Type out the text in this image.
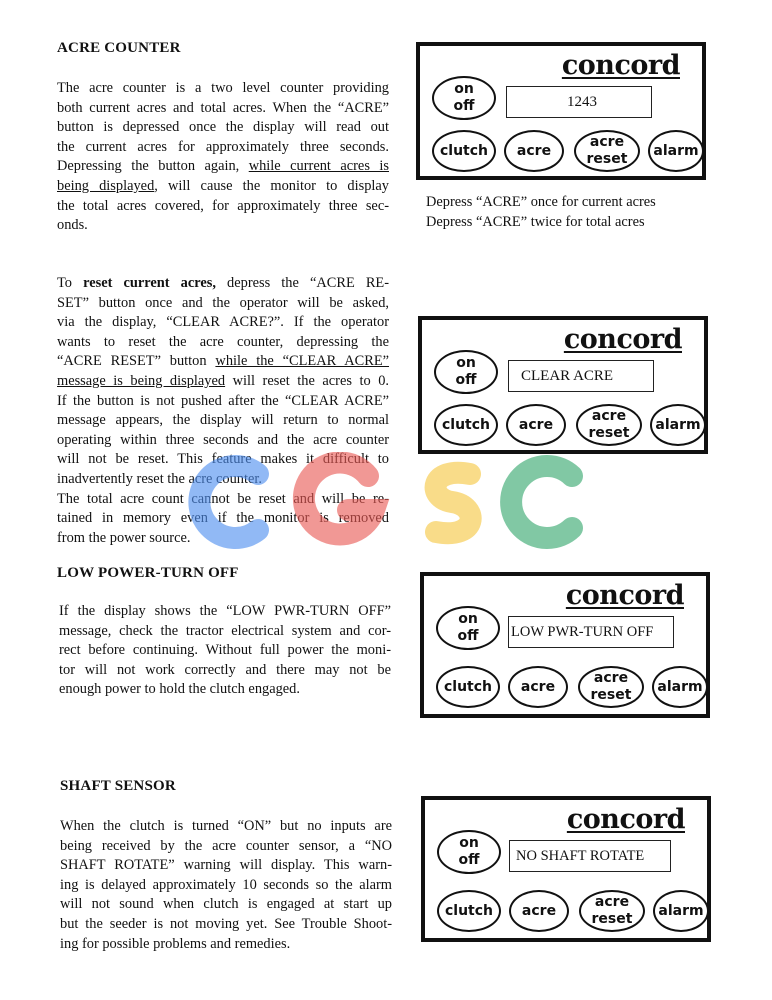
ACRE COUNTER
The acre counter is a two level counter providing
both current acres and total acres. When the “ACRE”
button is depressed once the display will read out
the current acres for approximately three seconds.
Depressing the button again, while current acres is
being displayed, will cause the monitor to display
the total acres covered, for approximately three sec-
onds.
concord
on
off	1243
clutch	acre
acre
reset
alarm
Depress “ACRE” once for current acres
Depress “ACRE” twice for total acres
To reset current acres, depress the “ACRE RE-
SET” button once and the operator will be asked,
via the display, “CLEAR ACRE?”. If the operator
wants to reset the acre counter, depressing the
“ACRE RESET” button while the “CLEAR ACRE”
message is being displayed will reset the acres to 0.
If the button is not pushed after the “CLEAR ACRE”
message appears, the display will return to normal
operating within three seconds and the acre counter
will not be reset. This feature makes it difficult to
inadvertently reset the acre counter.
The total acre count cannot be reset and will be re-
tained in memory even if the monitor is removed
from the power source.
concord
on
off	CLEAR ACRE
clutch	acre
acre
reset
alarm
LOW POWER-TURN OFF
If the display shows the “LOW PWR-TURN OFF”
message, check the tractor electrical system and cor-
rect before continuing. Without full power the moni-
tor will not work correctly and there may not be
enough power to hold the clutch engaged.
concord
on
off LOW PWR-TURN OFF
clutch	acre
acre
reset
alarm
SHAFT SENSOR
When the clutch is turned “ON” but no inputs are
being received by the acre counter sensor, a “NO
SHAFT ROTATE” warning will display. This warn-
ing is delayed approximately 10 seconds so the alarm
will not sound when clutch is engaged at start up
but the seeder is not moving yet. See Trouble Shoot-
ing for possible problems and remedies.
concord
on
off	NO SHAFT ROTATE
clutch	acre
acre
reset
alarm
